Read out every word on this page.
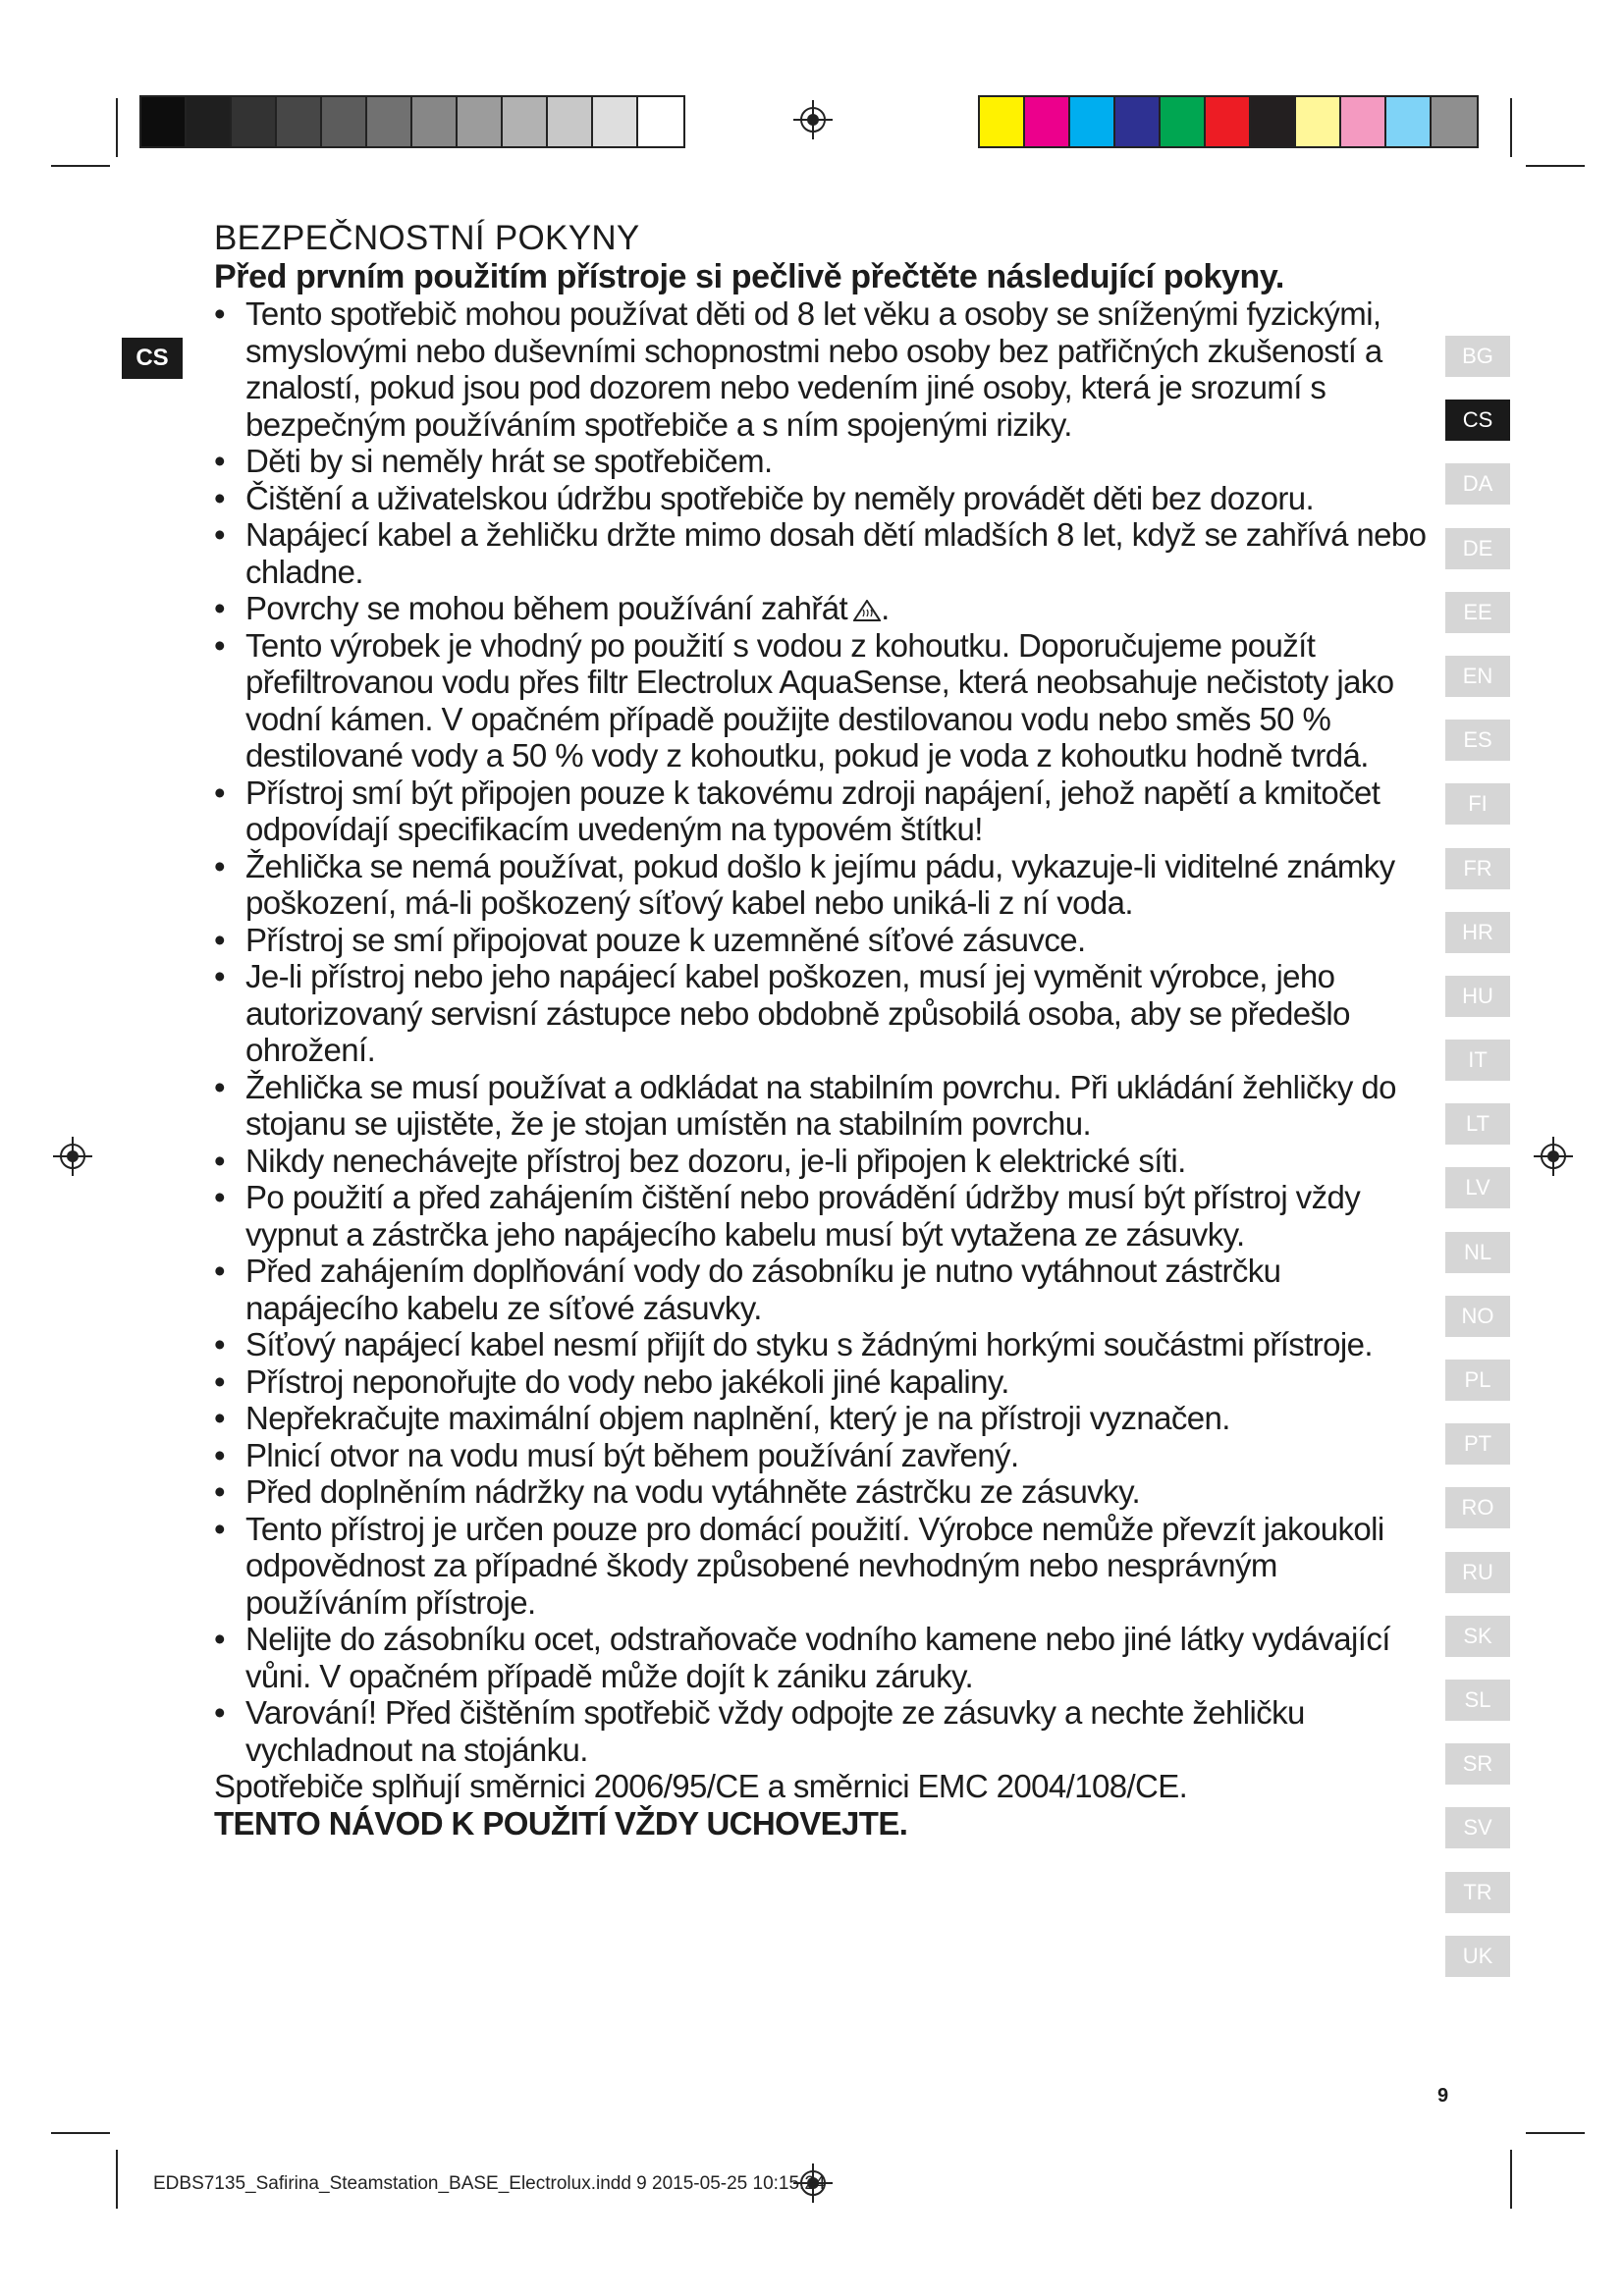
CS	BG
CS
DA
DE
EE
EN
ES
FI
FR
HR
HU
IT
LT
LV
NL
NO
PL
PT
RO
RU
SK
SL
SR
SV
TR
UK
BEZPEČNOSTNÍ POKYNY

Před prvním použitím přístroje si pečlivě přečtěte následující pokyny.

• Tento spotřebič mohou používat děti od 8 let věku a osoby se sníženými fyzickými, smyslovými nebo duševními schopnostmi nebo osoby bez patřičných zkušeností a znalostí, pokud jsou pod dozorem nebo vedením jiné osoby, která je srozumí s bezpečným používáním spotřebiče a s ním spojenými riziky.
• Děti by si neměly hrát se spotřebičem.
• Čištění a uživatelskou údržbu spotřebiče by neměly provádět děti bez dozoru.
• Napájecí kabel a žehličku držte mimo dosah dětí mladších 8 let, když se zahřívá nebo chladne.
• Povrchy se mohou během používání zahřát .
• Tento výrobek je vhodný po použití s vodou z kohoutku. Doporučujeme použít přefiltrovanou vodu přes filtr Electrolux AquaSense, která neobsahuje nečistoty jako vodní kámen. V opačném případě použijte destilovanou vodu nebo směs 50 % destilované vody a 50 % vody z kohoutku, pokud je voda z kohoutku hodně tvrdá.
• Přístroj smí být připojen pouze k takovému zdroji napájení, jehož napětí a kmitočet odpovídají specifikacím uvedeným na typovém štítku!
• Žehlička se nemá používat, pokud došlo k jejímu pádu, vykazuje-li viditelné známky poškození, má-li poškozený síťový kabel nebo uniká-li z ní voda.
• Přístroj se smí připojovat pouze k uzemněné síťové zásuvce.
• Je-li přístroj nebo jeho napájecí kabel poškozen, musí jej vyměnit výrobce, jeho autorizovaný servisní zástupce nebo obdobně způsobilá osoba, aby se předešlo ohrožení.
• Žehlička se musí používat a odkládat na stabilním povrchu. Při ukládání žehličky do stojanu se ujistěte, že je stojan umístěn na stabilním povrchu.
• Nikdy nenechávejte přístroj bez dozoru, je-li připojen k elektrické síti.
• Po použití a před zahájením čištění nebo provádění údržby musí být přístroj vždy vypnut a zástrčka jeho napájecího kabelu musí být vytažena ze zásuvky.
• Před zahájením doplňování vody do zásobníku je nutno vytáhnout zástrčku napájecího kabelu ze síťové zásuvky.
• Síťový napájecí kabel nesmí přijít do styku s žádnými horkými součástmi přístroje.
• Přístroj neponořujte do vody nebo jakékoli jiné kapaliny.
• Nepřekračujte maximální objem naplnění, který je na přístroji vyznačen.
• Plnicí otvor na vodu musí být během používání zavřený.
• Před doplněním nádržky na vodu vytáhněte zástrčku ze zásuvky.
• Tento přístroj je určen pouze pro domácí použití. Výrobce nemůže převzít jakoukoli odpovědnost za případné škody způsobené nevhodným nebo nesprávným používáním přístroje.
• Nelijte do zásobníku ocet, odstraňovače vodního kamene nebo jiné látky vydávající vůni. V opačném případě může dojít k zániku záruky.
• Varování! Před čištěním spotřebič vždy odpojte ze zásuvky a nechte žehličku vychladnout na stojánku.

Spotřebiče splňují směrnici 2006/95/CE a směrnici EMC 2004/108/CE.

TENTO NÁVOD K POUŽITÍ VŽDY UCHOVEJTE.

9
EDBS7135_Safirina_Steamstation_BASE_Electrolux.indd 9 2015-05-25 10:15:24
